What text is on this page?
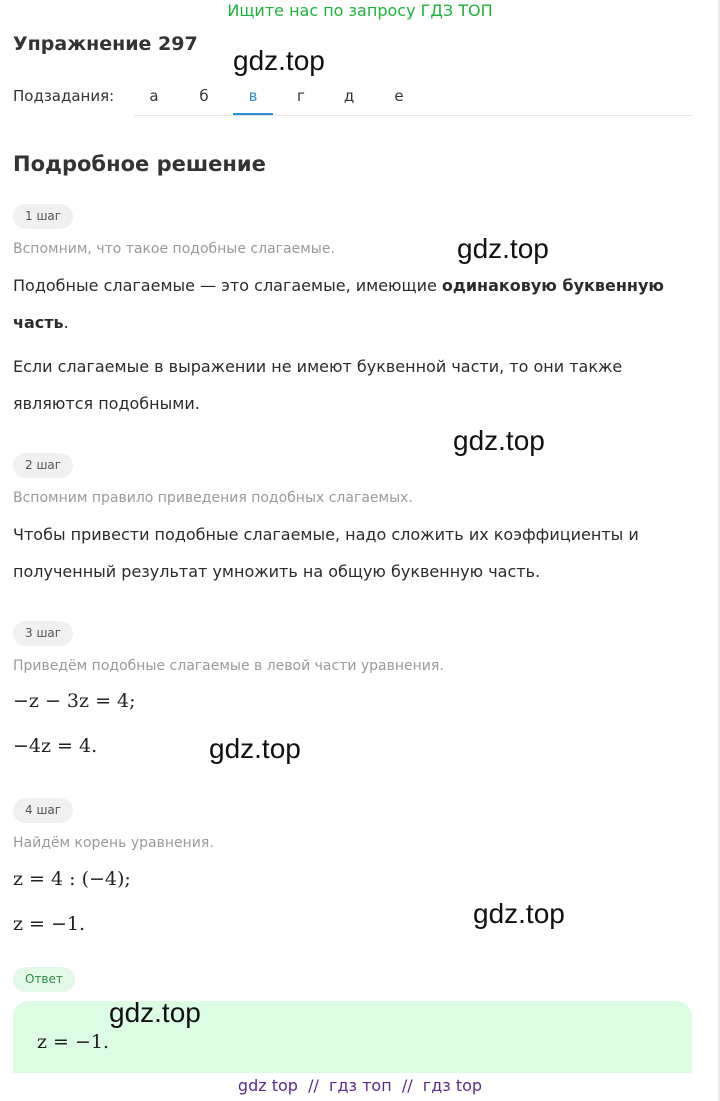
Ищите нас по запросу ГДЗ ТОП
Упражнение 297
Подзадания:	а	б	в	г	д	е
Подробное решение
1 шаг
Вспомним, что такое подобные слагаемые.
Подобные слагаемые — это слагаемые, имеющие одинаковую буквенную часть.
Если слагаемые в выражении не имеют буквенной части, то они также являются подобными.
2 шаг
Вспомним правило приведения подобных слагаемых.
Чтобы привести подобные слагаемые, надо сложить их коэффициенты и полученный результат умножить на общую буквенную часть.
3 шаг
Приведём подобные слагаемые в левой части уравнения.
−z − 3z = 4;
−4z = 4.
4 шаг
Найдём корень уравнения.
z = 4 : (−4);
z = −1.
Ответ
z = −1.
gdz.top
gdz.top
gdz.top
gdz.top
gdz.top
gdz.top
gdz top  //  гдз топ  //  гдз top
